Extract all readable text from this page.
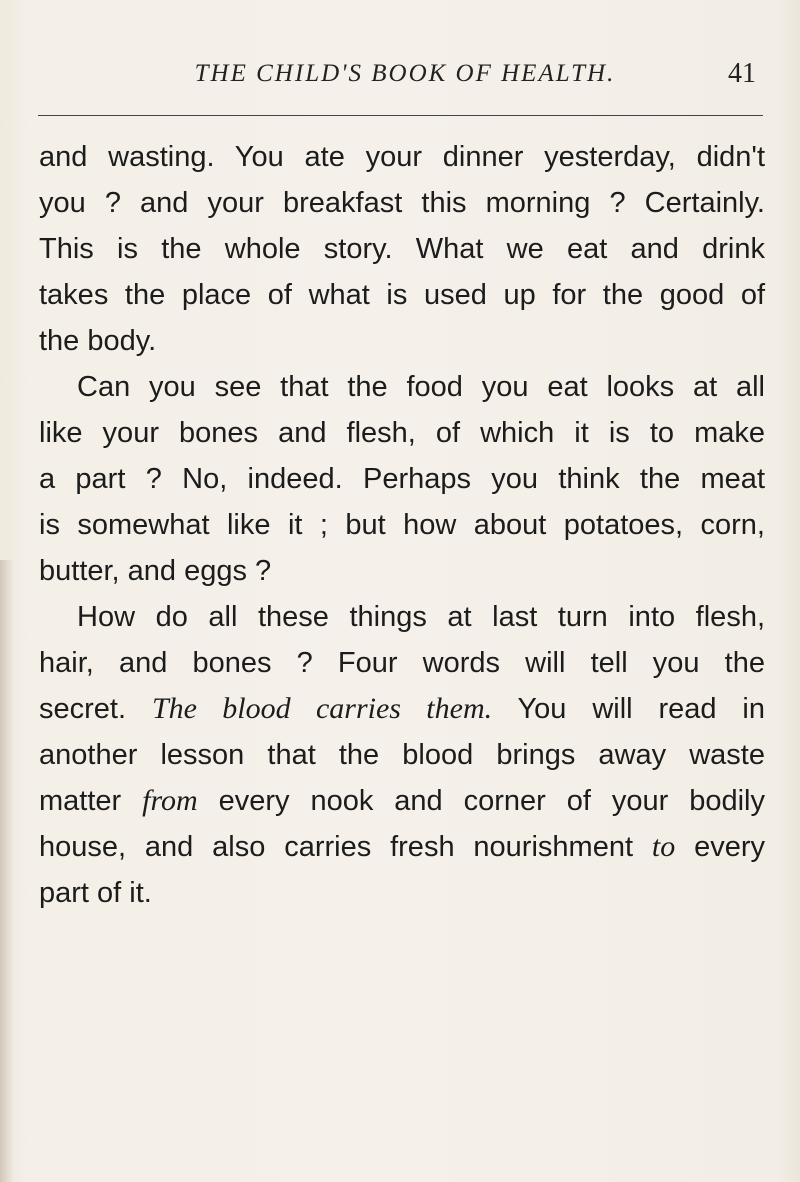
THE CHILD'S BOOK OF HEALTH.	41
and wasting. You ate your dinner yesterday, didn't
you ? and your breakfast this morning ? Certainly.
This is the whole story. What we eat and drink
takes the place of what is used up for the good of
the body.
Can you see that the food you eat looks at all
like your bones and flesh, of which it is to make
a part ? No, indeed. Perhaps you think the meat
is somewhat like it ; but how about potatoes, corn,
butter, and eggs ?
How do all these things at last turn into flesh,
hair, and bones ? Four words will tell you the
secret. The blood carries them. You will read in
another lesson that the blood brings away waste
matter from every nook and corner of your bodily
house, and also carries fresh nourishment to every
part of it.
